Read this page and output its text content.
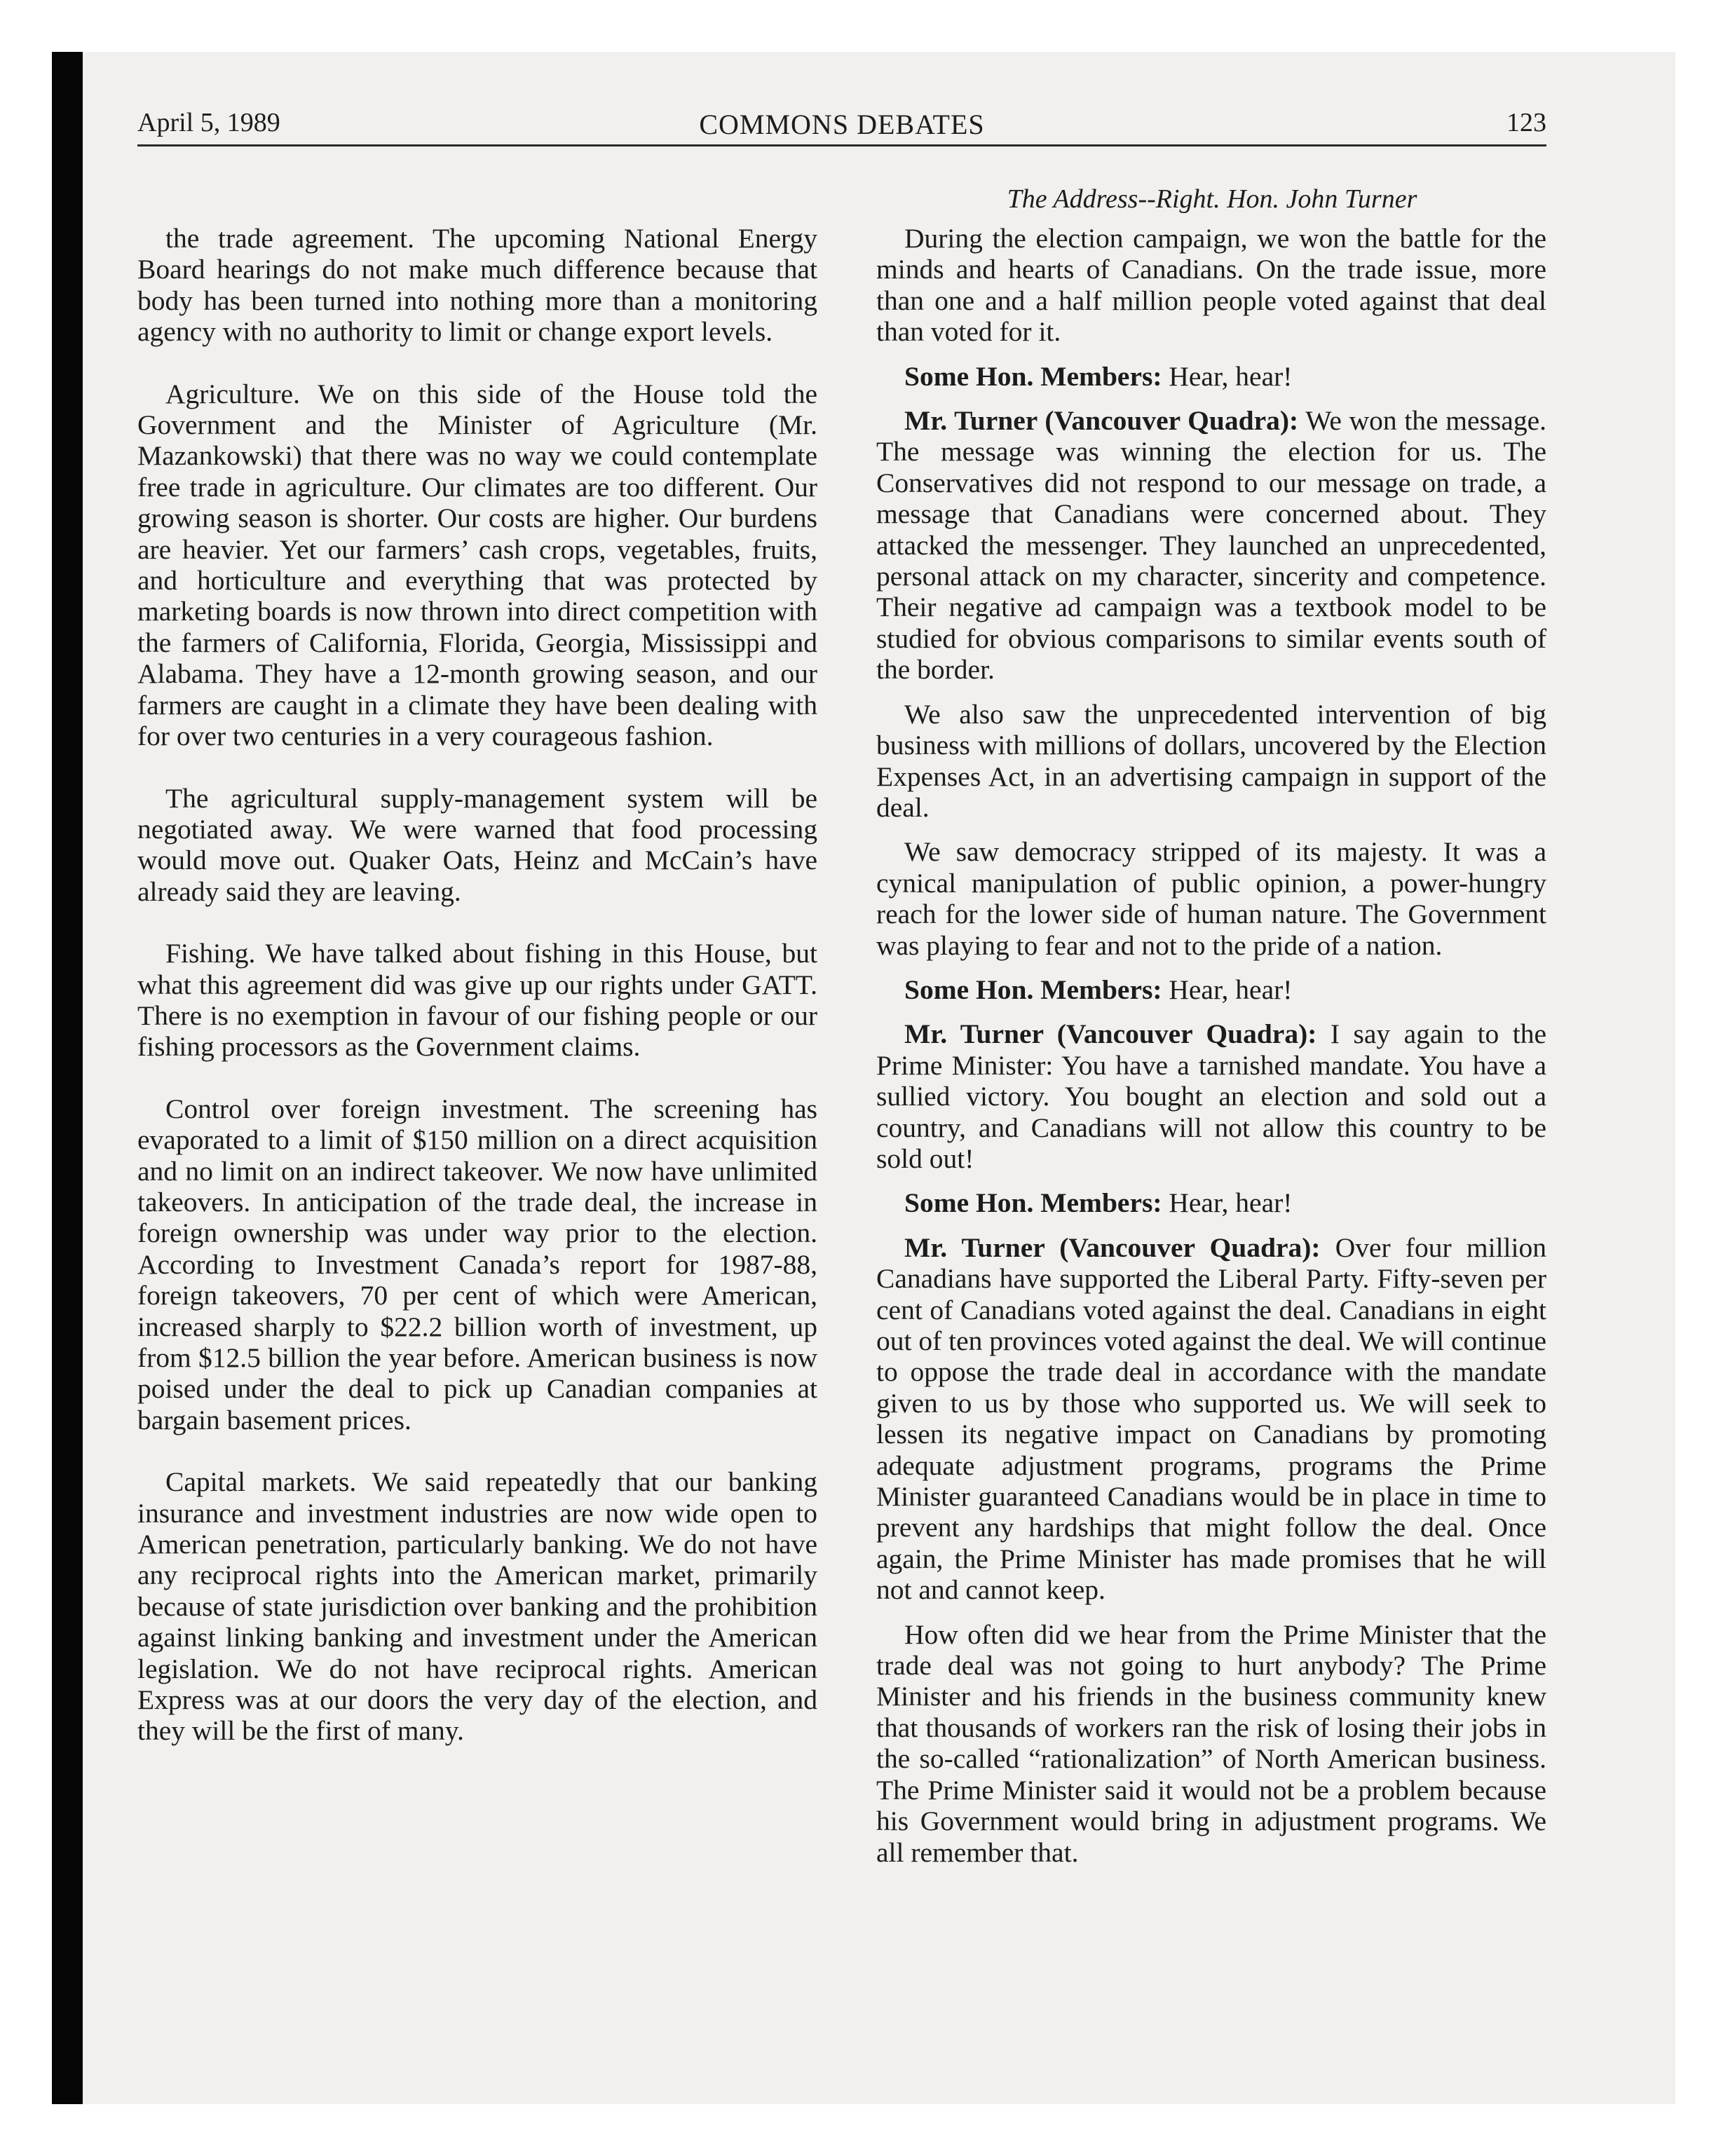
April 5, 1989	COMMONS DEBATES	123
The Address--Right. Hon. John Turner

the trade agreement. The upcoming National Energy Board hearings do not make much difference because that body has been turned into nothing more than a monitoring agency with no authority to limit or change export levels.

Agriculture. We on this side of the House told the Government and the Minister of Agriculture (Mr. Mazankowski) that there was no way we could contemplate free trade in agriculture. Our climates are too different. Our growing season is shorter. Our costs are higher. Our burdens are heavier. Yet our farmers’ cash crops, vegetables, fruits, and horticulture and everything that was protected by marketing boards is now thrown into direct competition with the farmers of California, Florida, Georgia, Mississippi and Alabama. They have a 12-month growing season, and our farmers are caught in a climate they have been dealing with for over two centuries in a very courageous fashion.

The agricultural supply-management system will be negotiated away. We were warned that food processing would move out. Quaker Oats, Heinz and McCain’s have already said they are leaving.

Fishing. We have talked about fishing in this House, but what this agreement did was give up our rights under GATT. There is no exemption in favour of our fishing people or our fishing processors as the Government claims.

Control over foreign investment. The screening has evaporated to a limit of $150 million on a direct acquisition and no limit on an indirect takeover. We now have unlimited takeovers. In anticipation of the trade deal, the increase in foreign ownership was under way prior to the election. According to Investment Canada’s report for 1987-88, foreign takeovers, 70 per cent of which were American, increased sharply to $22.2 billion worth of investment, up from $12.5 billion the year before. American business is now poised under the deal to pick up Canadian companies at bargain basement prices.

Capital markets. We said repeatedly that our banking insurance and investment industries are now wide open to American penetration, particularly banking. We do not have any reciprocal rights into the American market, primarily because of state jurisdiction over banking and the prohibition against linking banking and investment under the American legislation. We do not have reciprocal rights. American Express was at our doors the very day of the election, and they will be the first of many.

During the election campaign, we won the battle for the minds and hearts of Canadians. On the trade issue, more than one and a half million people voted against that deal than voted for it.

Some Hon. Members: Hear, hear!

Mr. Turner (Vancouver Quadra): We won the message. The message was winning the election for us. The Conservatives did not respond to our message on trade, a message that Canadians were concerned about. They attacked the messenger. They launched an unprecedented, personal attack on my character, sincerity and competence. Their negative ad campaign was a textbook model to be studied for obvious comparisons to similar events south of the border.

We also saw the unprecedented intervention of big business with millions of dollars, uncovered by the Election Expenses Act, in an advertising campaign in support of the deal.

We saw democracy stripped of its majesty. It was a cynical manipulation of public opinion, a power-hungry reach for the lower side of human nature. The Government was playing to fear and not to the pride of a nation.

Some Hon. Members: Hear, hear!

Mr. Turner (Vancouver Quadra): I say again to the Prime Minister: You have a tarnished mandate. You have a sullied victory. You bought an election and sold out a country, and Canadians will not allow this country to be sold out!

Some Hon. Members: Hear, hear!

Mr. Turner (Vancouver Quadra): Over four million Canadians have supported the Liberal Party. Fifty-seven per cent of Canadians voted against the deal. Canadians in eight out of ten provinces voted against the deal. We will continue to oppose the trade deal in accordance with the mandate given to us by those who supported us. We will seek to lessen its negative impact on Canadians by promoting adequate adjustment programs, programs the Prime Minister guaranteed Canadians would be in place in time to prevent any hardships that might follow the deal. Once again, the Prime Minister has made promises that he will not and cannot keep.

How often did we hear from the Prime Minister that the trade deal was not going to hurt anybody? The Prime Minister and his friends in the business community knew that thousands of workers ran the risk of losing their jobs in the so-called “rationalization” of North American business. The Prime Minister said it would not be a problem because his Government would bring in adjustment programs. We all remember that.
